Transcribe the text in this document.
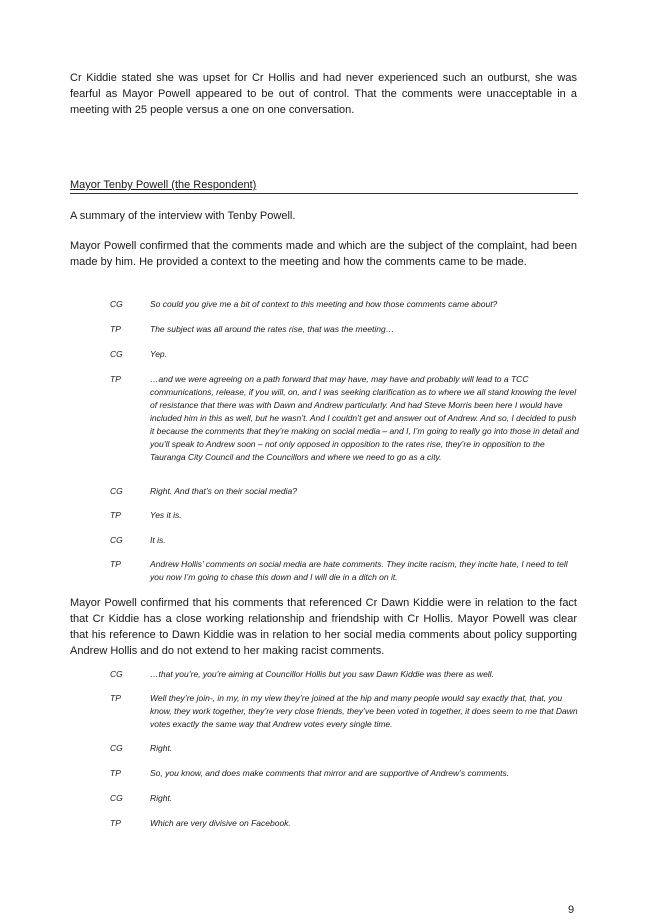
Cr Kiddie stated she was upset for Cr Hollis and had never experienced such an outburst, she was fearful as Mayor Powell appeared to be out of control. That the comments were unacceptable in a meeting with 25 people versus a one on one conversation.

Mayor Tenby Powell (the Respondent)
A summary of the interview with Tenby Powell.

Mayor Powell confirmed that the comments made and which are the subject of the complaint, had been made by him. He provided a context to the meeting and how the comments came to be made.

CG	So could you give me a bit of context to this meeting and how those comments came about?
TP	The subject was all around the rates rise, that was the meeting…
CG	Yep.
TP	…and we were agreeing on a path forward that may have, may have and probably will lead to a TCC communications, release, if you will, on, and I was seeking clarification as to where we all stand knowing the level of resistance that there was with Dawn and Andrew particularly. And had Steve Morris been here I would have included him in this as well, but he wasn’t. And I couldn’t get and answer out of Andrew. And so, I decided to push it because the comments that they’re making on social media – and I, I’m going to really go into those in detail and you’ll speak to Andrew soon – not only opposed in opposition to the rates rise, they’re in opposition to the Tauranga City Council and the Councillors and where we need to go as a city.
CG	Right. And that’s on their social media?
TP	Yes it is.
CG	It is.
TP	Andrew Hollis’ comments on social media are hate comments. They incite racism, they incite hate, I need to tell you now I’m going to chase this down and I will die in a ditch on it.

Mayor Powell confirmed that his comments that referenced Cr Dawn Kiddie were in relation to the fact that Cr Kiddie has a close working relationship and friendship with Cr Hollis. Mayor Powell was clear that his reference to Dawn Kiddie was in relation to her social media comments about policy supporting Andrew Hollis and do not extend to her making racist comments.

CG	…that you’re, you’re aiming at Councillor Hollis but you saw Dawn Kiddie was there as well.
TP	Well they’re join-, in my, in my view they’re joined at the hip and many people would say exactly that, that, you know, they work together, they’re very close friends, they’ve been voted in together, it does seem to me that Dawn votes exactly the same way that Andrew votes every single time.
CG	Right.
TP	So, you know, and does make comments that mirror and are supportive of Andrew’s comments.
CG	Right.
TP	Which are very divisive on Facebook.
9
